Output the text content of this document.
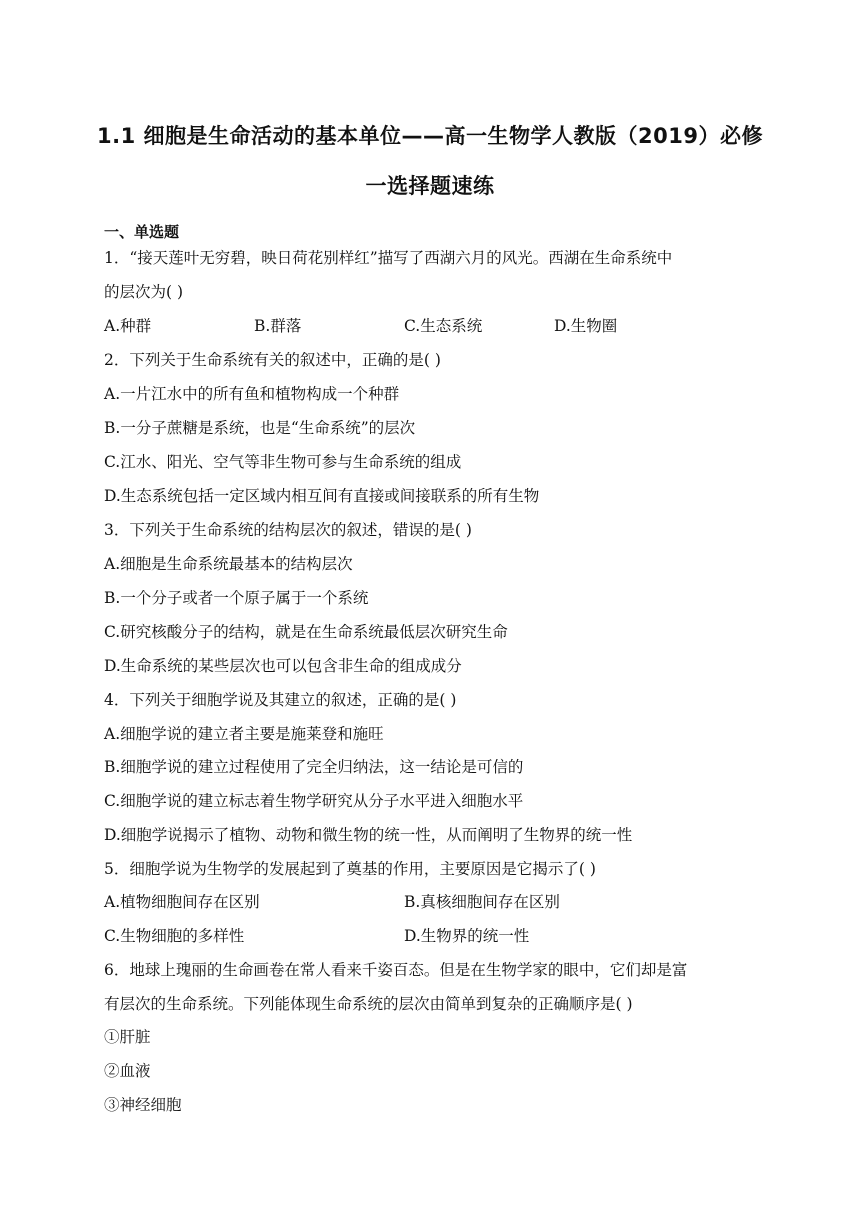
1.1 细胞是生命活动的基本单位——高一生物学人教版（2019）必修
一选择题速练
一、单选题
1．“接天莲叶无穷碧，映日荷花别样红”描写了西湖六月的风光。西湖在生命系统中
的层次为( )
A.种群	B.群落	C.生态系统	D.生物圈
2．下列关于生命系统有关的叙述中，正确的是( )
A.一片江水中的所有鱼和植物构成一个种群
B.一分子蔗糖是系统，也是“生命系统”的层次
C.江水、阳光、空气等非生物可参与生命系统的组成
D.生态系统包括一定区域内相互间有直接或间接联系的所有生物
3．下列关于生命系统的结构层次的叙述，错误的是( )
A.细胞是生命系统最基本的结构层次
B.一个分子或者一个原子属于一个系统
C.研究核酸分子的结构，就是在生命系统最低层次研究生命
D.生命系统的某些层次也可以包含非生命的组成成分
4．下列关于细胞学说及其建立的叙述，正确的是( )
A.细胞学说的建立者主要是施莱登和施旺
B.细胞学说的建立过程使用了完全归纳法，这一结论是可信的
C.细胞学说的建立标志着生物学研究从分子水平进入细胞水平
D.细胞学说揭示了植物、动物和微生物的统一性，从而阐明了生物界的统一性
5．细胞学说为生物学的发展起到了奠基的作用，主要原因是它揭示了( )
A.植物细胞间存在区别	B.真核细胞间存在区别
C.生物细胞的多样性	D.生物界的统一性
6．地球上瑰丽的生命画卷在常人看来千姿百态。但是在生物学家的眼中，它们却是富
有层次的生命系统。下列能体现生命系统的层次由简单到复杂的正确顺序是( )
①肝脏
②血液
③神经细胞
